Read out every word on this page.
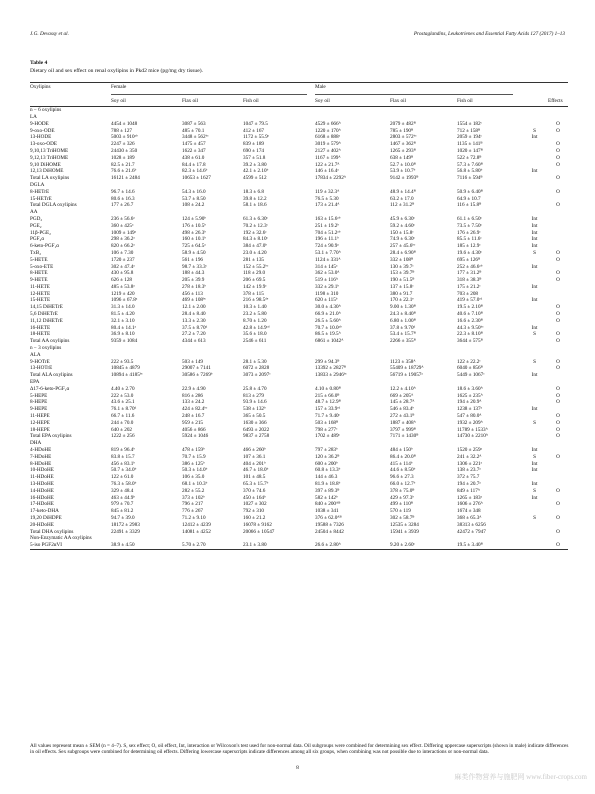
J.G. Devassy et al.	Prostaglandins, Leukotrienes and Essential Fatty Acids 127 (2017) 1–13
Table 4
Dietary oil and sex effect on renal oxylipins in Pkd2 mice (pg/mg dry tissue).
Oxylipins	Female			Male		

	Soy oil	Flax oil	Fish oil	Soy oil	Flax oil	Fish oil		Effects
n − 6 oxylipins								
LA								
9-HODE	4454 ± 1048	3087 ± 563	1047 ± 79.5	4529 ± 666ᴬ	2079 ± 482ᴮ	1554 ± 182ᶜ		O
9-oxo-ODE	788 ± 127	485 ± 70.1	412 ± 167	1220 ± 170ᴬ	785 ± 190ᴮ	712 ± 158ᴮ	S	O
13-HODE	5003 ± 910ᵃᵇ	3448 ± 562ᵇᶜ	1172 ± 55.9ᶜ	6168 ± 888ᵃ	2803 ± 572ᵇᶜ	2059 ± 194ᶜ	Int	
13-oxo-ODE	2247 ± 326	1475 ± 457	839 ± 189	3019 ± 579ᴬ	1467 ± 362ᴮ	1135 ± 141ᴮ		O
9,10,13 TriHOME	24430 ± 350	1622 ± 347	690 ± 174	2127 ± 402ᴬ	1265 ± 293ᴮ	1020 ± 147ᴮ		O
9,12,13 TriHOME	1028 ± 189	438 ± 61.0	357 ± 51.8	1167 ± 199ᴬ	638 ± 149ᴮ	522 ± 72.8ᴮ		O
9,10 DiHOME	82.5 ± 21.7	84.4 ± 17.8	39.2 ± 3.80	122 ± 21.7ᴬ	52.7 ± 10.0ᴮ	57.3 ± 7.60ᴮ		O
12,13 DiHOME	76.6 ± 21.6ᵇ	82.3 ± 14.6ᵇ	42.1 ± 2.10ᵇ	146 ± 16.4ᵃ	53.9 ± 10.7ᵇ	56.8 ± 5.80ᵇ	Int	
Total LA oxylipins	16121 ± 2484	10653 ± 1627	4599 ± 512	17834 ± 2292ᴬ	9142 ± 1993ᴮ	7116 ± 594ᴮ		O
DGLA								
8-HETrE	96.7 ± 14.6	54.3 ± 16.0	18.3 ± 6.8	119 ± 32.3ᴬ	48.9 ± 14.4ᴮ	50.9 ± 6.40ᴮ		O
15-HETrE	80.6 ± 16.3	53.7 ± 8.50	39.8 ± 12.2	76.5 ± 5.30	63.2 ± 17.0	64.9 ± 10.7		
Total DGLA oxylipins	177 ± 26.7	108 ± 24.2	58.1 ± 18.6	173 ± 21.4ᴬ	112 ± 31.2ᴮ	116 ± 15.8ᴮ		O
AA								
PGD₂	236 ± 56.6ᵃ	124 ± 5.90ᵇ	61.3 ± 6.30ᶜ	163 ± 15.6ᵃᵇ	45.9 ± 6.30ᶜ	61.1 ± 6.50ᶜ	Int	
PGE₂	360 ± 425ᵃ	176 ± 10.5ᵇ	70.2 ± 12.3ᶜ	251 ± 19.2ᵇ	59.2 ± 4.60ᶜ	73.5 ± 7.50ᶜ	Int	
11β-PGE₂	1009 ± 149ᵃ	498 ± 26.3ᵇ	192 ± 32.6ᶜ	704 ± 51.2ᵃᵇ	150 ± 15.8ᶜ	176 ± 26.9ᶜ	Int	
PGF₂α	298 ± 36.2ᵃ	160 ± 10.1ᵇ	84.3 ± 8.10ᶜ	196 ± 11.1ᵇ	74.9 ± 6.30ᶜ	85.5 ± 11.6ᶜ	Int	
6-keto-PGF₁α	820 ± 66.2ᵃ	725 ± 64.5ᵃ	384 ± 47.0ᵇ	724 ± 90.9ᵃ	257 ± 45.6ᵇᶜ	185 ± 12.9ᶜ	Int	
TxB₂	106 ± 7.30	58.9 ± 4.50	23.0 ± 4.20	53.1 ± 7.70ᴬ	28.4 ± 6.90ᴮ	19.6 ± 4.30ᶜ	S	O
5-HETE	1720 ± 237	561 ± 196	281 ± 135	1124 ± 331ᴬ	332 ± 108ᴮ	695 ± 126ᴮ		O
5-oxo-ETE	302 ± 47.4ᵃ	98.7 ± 33.3ᶜ	152 ± 55.2ᵇᶜ	314 ± 145ᵃ	130 ± 39.7ᶜ	252 ± 46.6ᵃᵇ	Int	
8-HETE	430 ± 95.8	188 ± 44.3	118 ± 29.0	362 ± 53.0ᴬ	153 ± 39.7ᴮ	177 ± 31.2ᴮ		O
9-HETE	626 ± 128	205 ± 39.9	206 ± 69.5	519 ± 116ᴬ	190 ± 51.5ᴮ	318 ± 38.3ᴮ		O
11-HETE	485 ± 53.8ᵃ	278 ± 18.3ᵇ	142 ± 19.9ᶜ	332 ± 29.1ᵇ	137 ± 15.8ᶜ	175 ± 21.2ᶜ	Int	
12-HETE	1219 ± 420	456 ± 113	378 ± 115	1198 ± 310	380 ± 91.7	703 ± 208		
15-HETE	1096 ± 67.8ᵃ	469 ± 108ᵇᶜ	216 ± 98.5ᵈᵉ	620 ± 115ᵇ	170 ± 22.1ᵉ	419 ± 57.0ᶜᵈ	Int	
14,15 DiHETrE	31.3 ± 14.0	12.1 ± 2.00	10.3 ± 1.40	30.0 ± 4.30ᴬ	9.00 ± 1.30ᴮ	19.5 ± 2.10ᴮ		O
5,6 DiHETrE	81.5 ± 4.20	28.4 ± 8.40	23.2 ± 5.80	66.9 ± 21.0ᴬ	24.3 ± 8.40ᴮ	40.6 ± 7.10ᴮ		O
11,12 DiHETrE	32.1 ± 3.10	13.3 ± 2.30	8.70 ± 1.20	26.5 ± 5.60ᴬ	6.80 ± 1.00ᴮ	16.6 ± 2.30ᴮ		O
16-HETE	80.4 ± 14.1ᵃ	37.5 ± 8.70ᵈ	42.8 ± 14.9ᶜᵈ	70.7 ± 10.0ᵃᵇ	37.8 ± 9.70ᵈ	44.3 ± 9.50ᵇᶜ	Int	
18-HETE	36.9 ± 8.10	27.2 ± 7.20	35.6 ± 18.0	86.5 ± 19.5ᴬ	53.4 ± 15.7ᴮ	22.3 ± 8.10ᴮ	S	O
Total AA oxylipins	9359 ± 1084	4344 ± 613	2546 ± 611	6861 ± 1042ᴬ	2266 ± 355ᴮ	3644 ± 575ᴮ		O
n − 3 oxylipins								
ALA								
9-HOTrE	222 ± 93.5	503 ± 149	28.1 ± 5.30	299 ± 94.3ᴮ	1123 ± 358ᴬ	122 ± 22.2ᶜ	S	O
13-HOTrE	10845 ± 4879	29007 ± 7141	6072 ± 2828	13392 ± 2827ᴮ	55409 ± 18729ᴬ	6040 ± 856ᴮ		O
Total ALA oxylipins	10894 ± 4185ᵇᶜ	30586 ± 7269ᵇ	3073 ± 2097ᶜ	13833 ± 2946ᵇᶜ	56719 ± 19057ᵃ	5449 ± 1067ᶜ	Int	
EPA								
Δ17-6-keto-PGF₁α	4.40 ± 2.70	22.9 ± 4.90	25.8 ± 4.70	4.10 ± 0.80ᴮ	12.2 ± 4.10ᴬ	18.6 ± 3.60ᴬ		O
5-HEPE	222 ± 53.0	816 ± 286	813 ± 279	215 ± 66.0ᴮ	669 ± 205ᴬ	1625 ± 235ᴬ		O
8-HEPE	43.6 ± 25.1	133 ± 24.2	93.9 ± 14.6	48.7 ± 12.9ᴮ	145 ± 28.7ᴬ	194 ± 20.9ᴬ		O
9-HEPE	76.1 ± 8.70ᵈ	424 ± 82.4ᵇᶜ	538 ± 132ᵇ	157 ± 33.9ᶜᵈ	546 ± 83.4ᵇ	1238 ± 137ᵃ	Int	
11-HEPE	66.7 ± 11.6	248 ± 16.7	365 ± 50.5	71.7 ± 9.40ᶜ	272 ± 43.1ᴮ	547 ± 80.0ᴬ		O
12-HEPE	244 ± 70.0	959 ± 215	1630 ± 366	503 ± 168ᴮ	1887 ± 408ᴬ	1932 ± 209ᴬ	S	O
18-HEPE	640 ± 202	4056 ± 866	6493 ± 2022	798 ± 277ᶜ	3797 ± 999ᴮ	11789 ± 1533ᴬ		O
Total EPA oxylipins	1222 ± 256	5924 ± 1046	9837 ± 2758	1702 ± 489ᶜ	7171 ± 1430ᴮ	14730 ± 2210ᴬ		O
DHA								
4-HDoHE	819 ± 96.4ᵇ	478 ± 159ᵇ	466 ± 260ᵇ	797 ± 283ᵇ	484 ± 150ᵇ	1520 ± 259ᵃ	Int	
7-HDoHE	83.8 ± 15.7	70.7 ± 15.9	107 ± 36.1	120 ± 36.2ᴮ	86.4 ± 20.0ᴮ	241 ± 32.2ᴬ	S	O
8-HDoHE	456 ± 83.1ᵇ	386 ± 125ᵇ	404 ± 201ᵇ	600 ± 200ᵇ	415 ± 114ᵇ	1306 ± 221ᵃ	Int	
10-HDoHE	50.7 ± 34.0ᵇ	50.3 ± 14.0ᵇ	46.7 ± 18.0ᵇ	60.8 ± 13.3ᵇ	44.6 ± 8.50ᵇ	138 ± 23.7ᵃ	Int	
11-HDoHE	122 ± 61.0	106 ± 35.0	101 ± 48.5	144 ± 46.3	96.6 ± 27.3	372 ± 75.7		
13-HDoHE	76.3 ± 58.0ᵇ	68.1 ± 10.3ᵇ	65.3 ± 15.7ᵇ	81.9 ± 18.8ᵇ	66.0 ± 12.7ᵇ	194 ± 20.7ᵃ	Int	
14-HDoHE	329 ± 48.4	282 ± 55.2	370 ± 74.6	397 ± 89.3ᴮ	378 ± 75.0ᴮ	849 ± 117ᴬ	S	O
16-HDoHE	463 ± 44.9ᵇ	373 ± 102ᵇ	450 ± 164ᵇ	582 ± 142ᵇ	429 ± 97.3ᵇ	1265 ± 183ᵃ	Int	
17-HDoHE	979 ± 70.7	796 ± 217	1027 ± 302	840 ± 200ᴬᴮ	499 ± 110ᴮ	1606 ± 276ᴬ		O
17-keto-DHA	845 ± 81.2	776 ± 267	792 ± 310	1038 ± 341	570 ± 119	1674 ± 348		
19,20 DiHDPE	94.7 ± 39.0	71.2 ± 9.10	160 ± 21.2	376 ± 62.0ᴬᴮ	302 ± 58.7ᴮ	368 ± 65.3ᴬ	S	O
20-HDoHE	18172 ± 2983	12412 ± 4239	16078 ± 9162	19588 ± 7326	12535 ± 3284	38313 ± 6256		
Total DHA oxylipins	22491 ± 3329	14081 ± 4252	20066 ± 10547	24504 ± 8442	15941 ± 3939	42472 ± 7947		O
Non-Enzymatic AA oxylipins								
5-iso PGF2αVI	38.9 ± 4.50	5.70 ± 2.70	23.1 ± 3.80	26.6 ± 2.80ᴬ	9.20 ± 2.60ᶜ	19.5 ± 3.40ᴮ		O
All values represent mean ± SEM (n = 4–7). S, sex effect; O, oil effect, Int, interaction or Wilcoxon's test used for non-normal data. Oil subgroups were combined for determining sex effect. Differing uppercase superscripts (shown in male) indicate differences in oil effects. Sex subgroups were combined for determining oil effects. Differing lowercase superscripts indicate differences among all six groups, when combining was not possible due to interactions or non-normal data.
8
麻类作物营养与施肥网 www.fiber-crops.com
